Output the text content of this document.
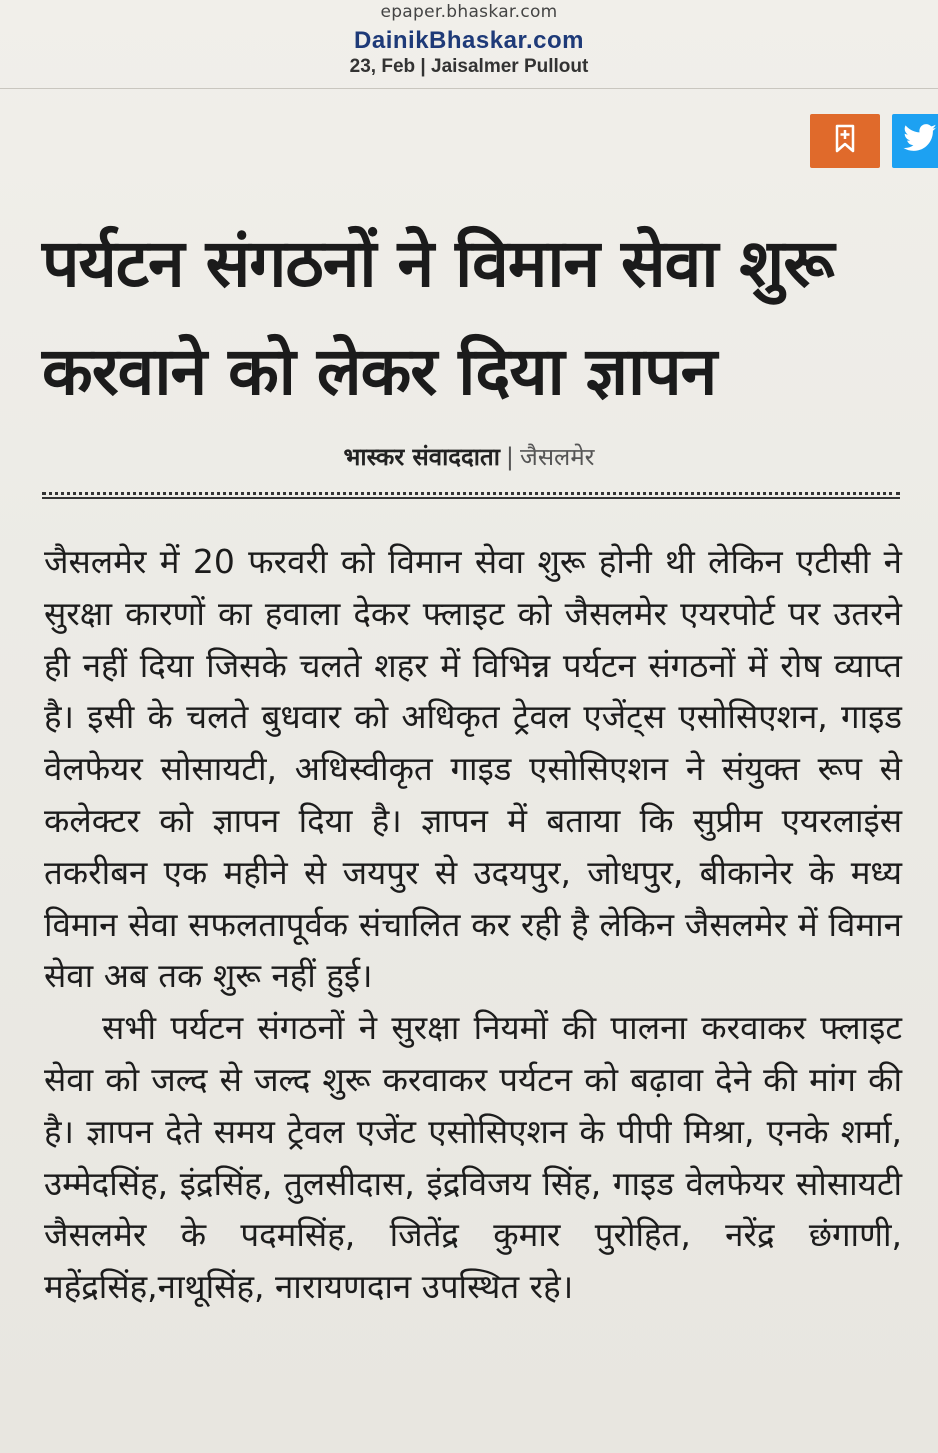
epaper.bhaskar.com
DainikBhaskar.com
23, Feb | Jaisalmer Pullout
पर्यटन संगठनों ने विमान सेवा शुरू
करवाने को लेकर दिया ज्ञापन
भास्कर संवाददाता | जैसलमेर

जैसलमेर में 20 फरवरी को विमान सेवा शुरू होनी थी लेकिन एटीसी ने सुरक्षा कारणों का हवाला देकर फ्लाइट को जैसलमेर एयरपोर्ट पर उतरने ही नहीं दिया जिसके चलते शहर में विभिन्न पर्यटन संगठनों में रोष व्याप्त है। इसी के चलते बुधवार को अधिकृत ट्रेवल एजेंट्स एसोसिएशन, गाइड वेलफेयर सोसायटी, अधिस्वीकृत गाइड एसोसिएशन ने संयुक्त रूप से कलेक्टर को ज्ञापन दिया है। ज्ञापन में बताया कि सुप्रीम एयरलाइंस तकरीबन एक महीने से जयपुर से उदयपुर, जोधपुर, बीकानेर के मध्य विमान सेवा सफलतापूर्वक संचालित कर रही है लेकिन जैसलमेर में विमान सेवा अब तक शुरू नहीं हुई।

सभी पर्यटन संगठनों ने सुरक्षा नियमों की पालना करवाकर फ्लाइट सेवा को जल्द से जल्द शुरू करवाकर पर्यटन को बढ़ावा देने की मांग की है। ज्ञापन देते समय ट्रेवल एजेंट एसोसिएशन के पीपी मिश्रा, एनके शर्मा, उम्मेदसिंह, इंद्रसिंह, तुलसीदास, इंद्रविजय सिंह, गाइड वेलफेयर सोसायटी जैसलमेर के पदमसिंह, जितेंद्र कुमार पुरोहित, नरेंद्र छंगाणी, महेंद्रसिंह,नाथूसिंह, नारायणदान उपस्थित रहे।
